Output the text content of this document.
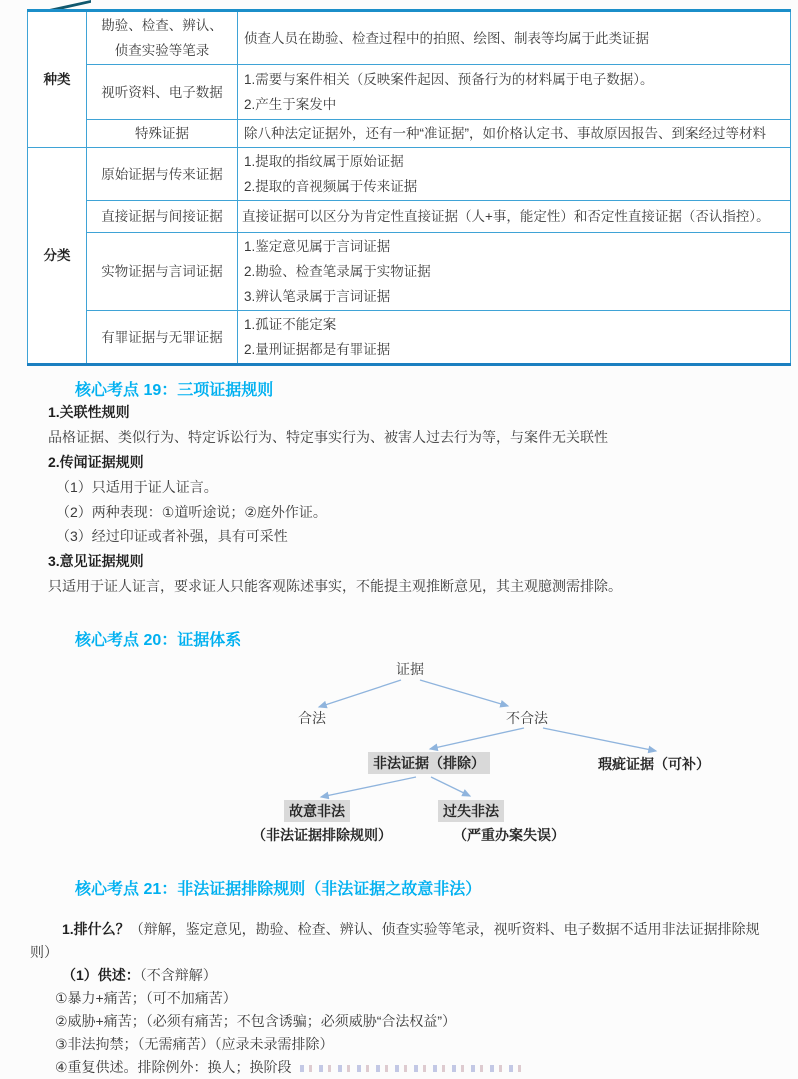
种类	勘验、检查、辨认、
侦查实验等笔录	侦查人员在勘验、检查过程中的拍照、绘图、制表等均属于此类证据

	视听资料、电子数据	1.需要与案件相关（反映案件起因、预备行为的材料属于电子数据）。
2.产生于案发中

	特殊证据	除八种法定证据外，还有一种“准证据”，如价格认定书、事故原因报告、到案经过等材料

分类	原始证据与传来证据	1.提取的指纹属于原始证据
2.提取的音视频属于传来证据

	直接证据与间接证据	直接证据可以区分为肯定性直接证据（人+事，能定性）和否定性直接证据（否认指控）。

	实物证据与言词证据	1.鉴定意见属于言词证据
2.勘验、检查笔录属于实物证据
3.辨认笔录属于言词证据

	有罪证据与无罪证据	1.孤证不能定案
2.量刑证据都是有罪证据
核心考点 19：三项证据规则
1.关联性规则
品格证据、类似行为、特定诉讼行为、特定事实行为、被害人过去行为等，与案件无关联性
2.传闻证据规则
（1）只适用于证人证言。
（2）两种表现：①道听途说；②庭外作证。
（3）经过印证或者补强，具有可采性
3.意见证据规则
只适用于证人证言，要求证人只能客观陈述事实，不能提主观推断意见，其主观臆测需排除。
核心考点 20：证据体系
证据
合法	不合法
非法证据（排除）	瑕疵证据（可补）
故意非法	过失非法
（非法证据排除规则）	（严重办案失误）
核心考点 21：非法证据排除规则（非法证据之故意非法）
1.排什么？（辩解，鉴定意见，勘验、检查、辨认、侦查实验等笔录，视听资料、电子数据不适用非法证据排除规则）
（1）供述：（不含辩解）
①暴力+痛苦；（可不加痛苦）
②威胁+痛苦；（必须有痛苦；不包含诱骗；必须威胁“合法权益”）
③非法拘禁；（无需痛苦）（应录未录需排除）
④重复供述。排除例外：换人；换阶段
